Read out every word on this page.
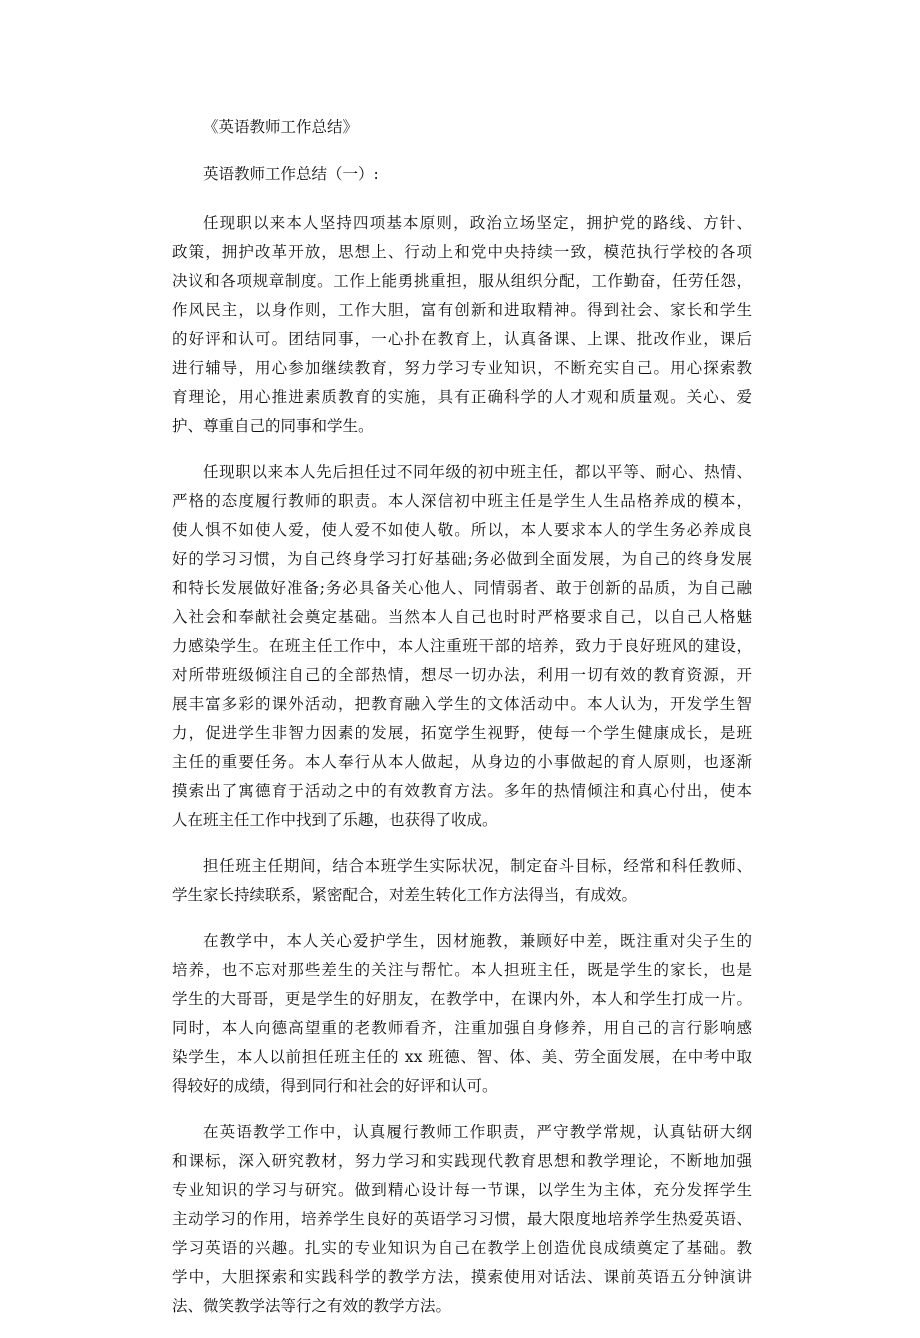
《英语教师工作总结》
英语教师工作总结（一）:
任现职以来本人坚持四项基本原则，政治立场坚定，拥护党的路线、方针、
政策，拥护改革开放，思想上、行动上和党中央持续一致，模范执行学校的各项
决议和各项规章制度。工作上能勇挑重担，服从组织分配，工作勤奋，任劳任怨，
作风民主，以身作则，工作大胆，富有创新和进取精神。得到社会、家长和学生
的好评和认可。团结同事，一心扑在教育上，认真备课、上课、批改作业，课后
进行辅导，用心参加继续教育，努力学习专业知识，不断充实自己。用心探索教
育理论，用心推进素质教育的实施，具有正确科学的人才观和质量观。关心、爱
护、尊重自己的同事和学生。
任现职以来本人先后担任过不同年级的初中班主任，都以平等、耐心、热情、
严格的态度履行教师的职责。本人深信初中班主任是学生人生品格养成的模本，
使人惧不如使人爱，使人爱不如使人敬。所以，本人要求本人的学生务必养成良
好的学习习惯，为自己终身学习打好基础;务必做到全面发展，为自己的终身发展
和特长发展做好准备;务必具备关心他人、同情弱者、敢于创新的品质，为自己融
入社会和奉献社会奠定基础。当然本人自己也时时严格要求自己，以自己人格魅
力感染学生。在班主任工作中，本人注重班干部的培养，致力于良好班风的建设，
对所带班级倾注自己的全部热情，想尽一切办法，利用一切有效的教育资源，开
展丰富多彩的课外活动，把教育融入学生的文体活动中。本人认为，开发学生智
力，促进学生非智力因素的发展，拓宽学生视野，使每一个学生健康成长，是班
主任的重要任务。本人奉行从本人做起，从身边的小事做起的育人原则，也逐渐
摸索出了寓德育于活动之中的有效教育方法。多年的热情倾注和真心付出，使本
人在班主任工作中找到了乐趣，也获得了收成。
担任班主任期间，结合本班学生实际状况，制定奋斗目标，经常和科任教师、
学生家长持续联系，紧密配合，对差生转化工作方法得当，有成效。
在教学中，本人关心爱护学生，因材施教，兼顾好中差，既注重对尖子生的
培养，也不忘对那些差生的关注与帮忙。本人担班主任，既是学生的家长，也是
学生的大哥哥，更是学生的好朋友，在教学中，在课内外，本人和学生打成一片。
同时，本人向德高望重的老教师看齐，注重加强自身修养，用自己的言行影响感
染学生，本人以前担任班主任的 xx 班德、智、体、美、劳全面发展，在中考中取
得较好的成绩，得到同行和社会的好评和认可。
在英语教学工作中，认真履行教师工作职责，严守教学常规，认真钻研大纲
和课标，深入研究教材，努力学习和实践现代教育思想和教学理论，不断地加强
专业知识的学习与研究。做到精心设计每一节课，以学生为主体，充分发挥学生
主动学习的作用，培养学生良好的英语学习习惯，最大限度地培养学生热爱英语、
学习英语的兴趣。扎实的专业知识为自己在教学上创造优良成绩奠定了基础。教
学中，大胆探索和实践科学的教学方法，摸索使用对话法、课前英语五分钟演讲
法、微笑教学法等行之有效的教学方法。
